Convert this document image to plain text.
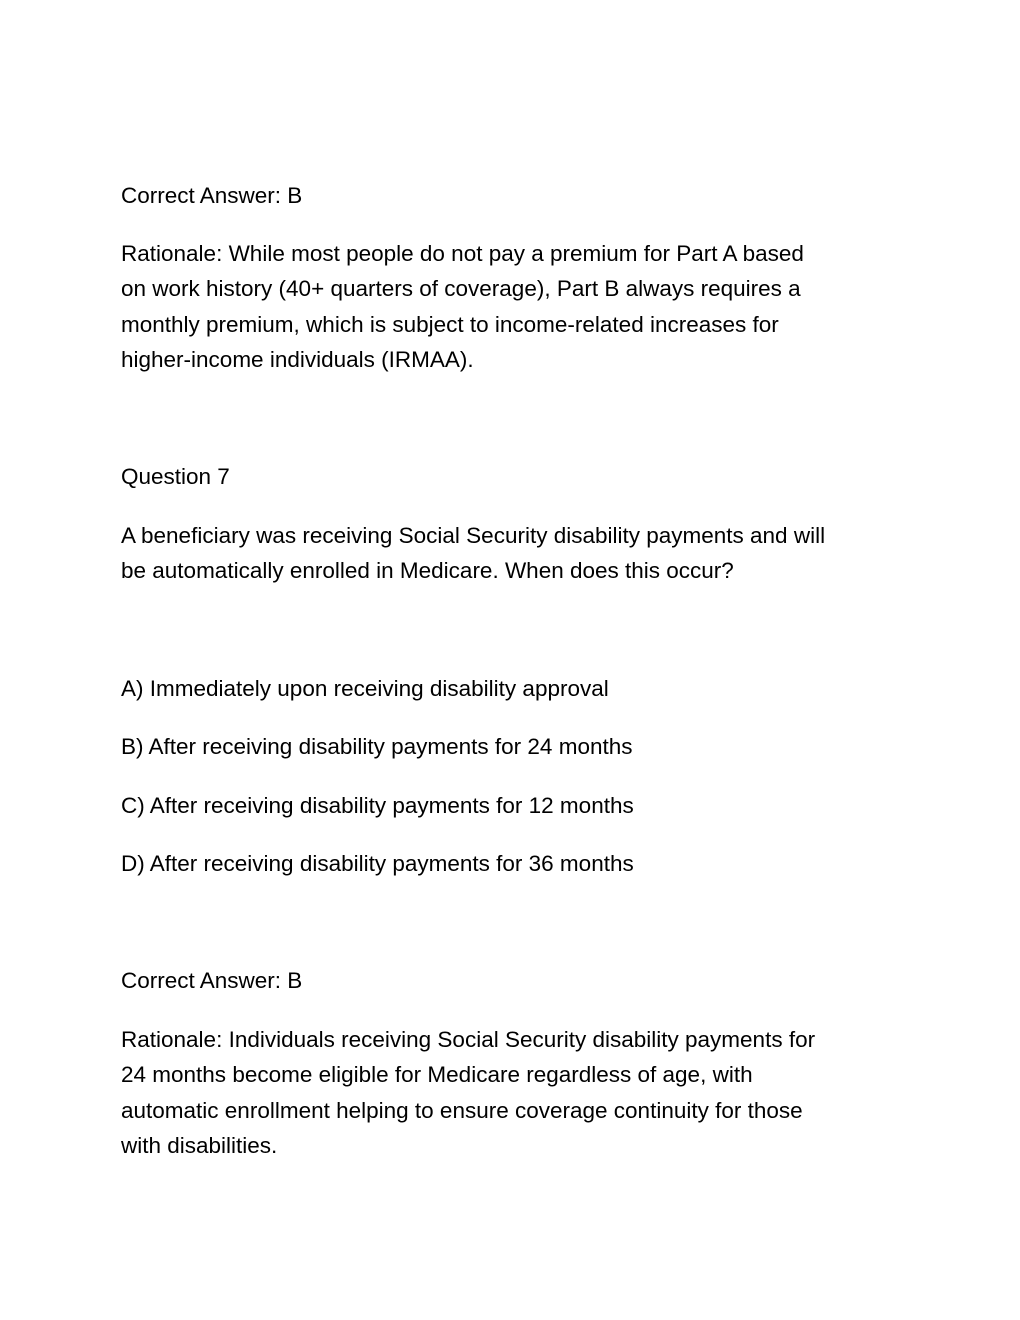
Correct Answer: B
Rationale: While most people do not pay a premium for Part A based
on work history (40+ quarters of coverage), Part B always requires a
monthly premium, which is subject to income-related increases for
higher-income individuals (IRMAA).
Question 7
A beneficiary was receiving Social Security disability payments and will
be automatically enrolled in Medicare. When does this occur?
A) Immediately upon receiving disability approval
B) After receiving disability payments for 24 months
C) After receiving disability payments for 12 months
D) After receiving disability payments for 36 months
Correct Answer: B
Rationale: Individuals receiving Social Security disability payments for
24 months become eligible for Medicare regardless of age, with
automatic enrollment helping to ensure coverage continuity for those
with disabilities.
